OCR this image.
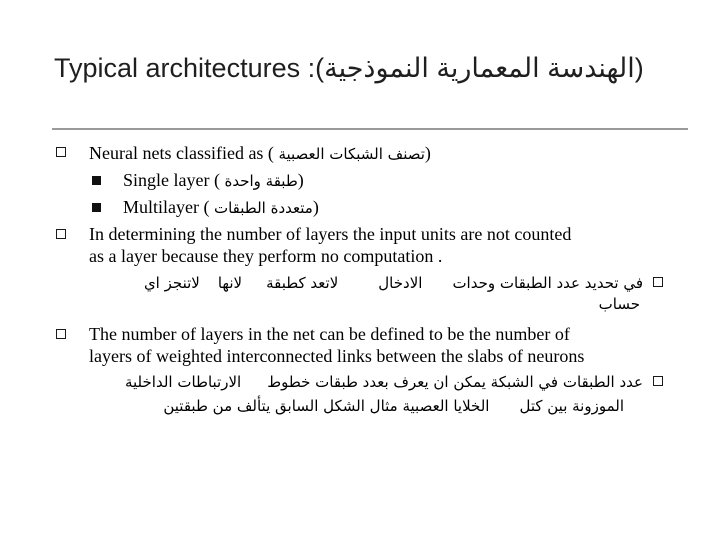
Typical architectures :(الهندسة المعمارية النموذجية)
Neural nets classified as ( تصنف الشبكات العصبية)
Single layer ( طبقة واحدة)
Multilayer ( متعددة الطبقات)
In determining the number of layers the input units are not counted
as a layer because they perform no computation .
في تحديد عدد الطبقات وحداتالادخاللاتعد كطبقةلانهالاتنجز اي
حساب
The number of layers in the net can be defined to be the number of
layers of weighted interconnected links between the slabs of neurons
عدد الطبقات في الشبكة يمكن ان يعرف بعدد طبقات خطوطالارتباطات الداخلية
الموزونة بين كتلالخلايا العصبية مثال الشكل السابق يتألف من طبقتين
